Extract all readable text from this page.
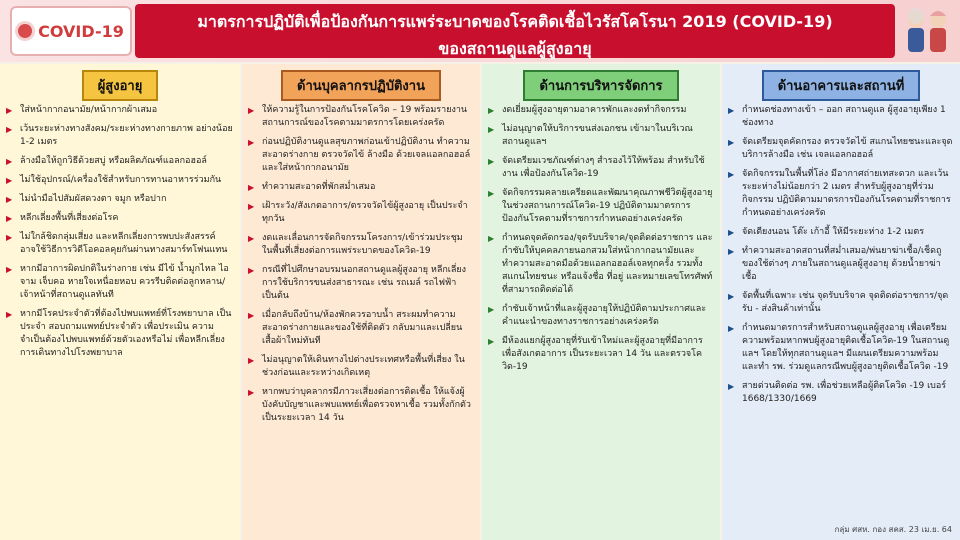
COVID-19	มาตรการปฏิบัติเพื่อป้องกันการแพร่ระบาดของโรคติดเชื้อไวรัสโคโรนา 2019 (COVID-19)
ของสถานดูแลผู้สูงอายุ
ผู้สูงอายุ
▶ ใส่หน้ากากอนามัย/หน้ากากผ้าเสมอ
▶ เว้นระยะห่างทางสังคม/ระยะห่างทางกายภาพ อย่างน้อย 1-2 เมตร
▶ ล้างมือให้ถูกวิธีด้วยสบู่ หรือผลิตภัณฑ์แอลกอฮอล์
▶ ไม่ใช้อุปกรณ์/เครื่องใช้สำหรับการทานอาหารร่วมกัน
▶ ไม่นำมือไปสัมผัสดวงตา จมูก หรือปาก
▶ หลีกเลี่ยงพื้นที่เสี่ยงต่อโรค
▶ ไม่ใกล้ชิดกลุ่มเสี่ยง และหลีกเลี่ยงการพบปะสังสรรค์ อาจใช้วิธีการวิดีโอคอลคุยกันผ่านทางสมาร์ทโฟนแทน
▶ หากมีอาการผิดปกติในร่างกาย เช่น มีไข้ น้ำมูกไหล ไอ จาม เจ็บคอ หายใจเหนื่อยหอบ ควรรีบติดต่อลูกหลาน/เจ้าหน้าที่สถานดูแลทันที
▶ หากมีโรคประจำตัวที่ต้องไปพบแพทย์ที่โรงพยาบาล เป็นประจำ สอบถามแพทย์ประจำตัว เพื่อประเมิน ความจำเป็นต้องไปพบแพทย์ด้วยตัวเองหรือไม่ เพื่อหลีกเลี่ยงการเดินทางไปโรงพยาบาล
ด้านบุคลากรปฏิบัติงาน
▶ ให้ความรู้ในการป้องกันโรคโควิด – 19 พร้อมรายงานสถานการณ์ของโรคตามมาตรการโดยเคร่งครัด
▶ ก่อนปฏิบัติงานดูแลสุขภาพก่อนเข้าปฏิบัติงาน ทำความสะอาดร่างกาย ตรวจวัดไข้ ล้างมือ ด้วยเจลแอลกอฮอล์และใส่หน้ากากอนามัย
▶ ทำความสะอาดที่พักสม่ำเสมอ
▶ เฝ้าระวัง/สังเกตอาการ/ตรวจวัดไข้ผู้สูงอายุ เป็นประจำทุกวัน
▶ งดและเลื่อนการจัดกิจกรรมโครงการ/เข้าร่วมประชุม ในพื้นที่เสี่ยงต่อการแพร่ระบาดของโควิด-19
▶ กรณีที่ไปศึกษาอบรมนอกสถานดูแลผู้สูงอายุ หลีกเลี่ยงการใช้บริการขนส่งสาธารณะ เช่น รถเมล์ รถไฟฟ้า เป็นต้น
▶ เมื่อกลับถึงบ้าน/ห้องพักควรอาบน้ำ สระผมทำความสะอาดร่างกายและของใช้ที่ติดตัว กลับมาและเปลี่ยนเสื้อผ้าใหม่ทันที
▶ ไม่อนุญาตให้เดินทางไปต่างประเทศหรือพื้นที่เสี่ยง ในช่วงก่อนและระหว่างเกิดเหตุ
▶ หากพบว่าบุคลากรมีภาวะเสี่ยงต่อการติดเชื้อ ให้แจ้งผู้บังคับบัญชาและพบแพทย์เพื่อตรวจหาเชื้อ รวมทั้งกักตัวเป็นระยะเวลา 14 วัน
ด้านการบริหารจัดการ
▶ งดเยี่ยมผู้สูงอายุตามอาคารพักและงดทำกิจกรรม
▶ ไม่อนุญาตให้บริการขนส่งเอกชน เข้ามาในบริเวณสถานดูแลฯ
▶ จัดเตรียมเวชภัณฑ์ต่างๆ สำรองไว้ให้พร้อม สำหรับใช้งาน เพื่อป้องกันโควิด-19
▶ จัดกิจกรรมคลายเครียดและพัฒนาคุณภาพชีวิตผู้สูงอายุในช่วงสถานการณ์โควิด-19 ปฏิบัติตามมาตรการป้องกันโรคตามที่ราชการกำหนดอย่างเคร่งครัด
▶ กำหนดจุดคัดกรอง/จุดรับบริจาค/จุดติดต่อราชการ และกำชับให้บุคคลภายนอกสวมใส่หน้ากากอนามัยและทำความสะอาดมือด้วยแอลกอฮอล์เจลทุกครั้ง รวมทั้งสแกนไทยชนะ หรือแจ้งชื่อ ที่อยู่ และหมายเลขโทรศัพท์ที่สามารถติดต่อได้
▶ กำชับเจ้าหน้าที่และผู้สูงอายุให้ปฏิบัติตามประกาศและคำแนะนำของทางราชการอย่างเคร่งครัด
▶ มีห้องแยกผู้สูงอายุที่รับเข้าใหม่และผู้สูงอายุที่มีอาการ เพื่อสังเกตอาการ เป็นระยะเวลา 14 วัน และตรวจโควิด-19
ด้านอาคารและสถานที่
▶ กำหนดช่องทางเข้า – ออก สถานดูแล ผู้สูงอายุเพียง 1 ช่องทาง
▶ จัดเตรียมจุดคัดกรอง ตรวจวัดไข้ สแกนไทยชนะและจุดบริการล้างมือ เช่น เจลแอลกอฮอล์
▶ จัดกิจกรรมในพื้นที่โล่ง มีอากาศถ่ายเทสะดวก และเว้นระยะห่างไม่น้อยกว่า 2 เมตร สำหรับผู้สูงอายุที่ร่วมกิจกรรม ปฏิบัติตามมาตรการป้องกันโรคตามที่ราชการกำหนดอย่างเคร่งครัด
▶ จัดเตียงนอน โต๊ะ เก้าอี้ ให้มีระยะห่าง 1-2 เมตร
▶ ทำความสะอาดสถานที่สม่ำเสมอ/พ่นยาฆ่าเชื้อ/เช็ดถูของใช้ต่างๆ ภายในสถานดูแลผู้สูงอายุ ด้วยน้ำยาฆ่าเชื้อ
▶ จัดพื้นที่เฉพาะ เช่น จุดรับบริจาค จุดติดต่อราชการ/จุดรับ - ส่งสินค้าเท่านั้น
▶ กำหนดมาตรการสำหรับสถานดูแลผู้สูงอายุ เพื่อเตรียมความพร้อมหากพบผู้สูงอายุติดเชื้อโควิด-19 ในสถานดูแลฯ โดยให้ทุกสถานดูแลฯ มีแผนเตรียมความพร้อมและทำ รพ. ร่วมดูแลกรณีพบผู้สูงอายุติดเชื้อโควิด -19
▶ สายด่วนติดต่อ รพ. เพื่อช่วยเหลือผู้ติดโควิด -19 เบอร์ 1668/1330/1669
กลุ่ม ศสห. กอง สคส. 23 เม.ย. 64
